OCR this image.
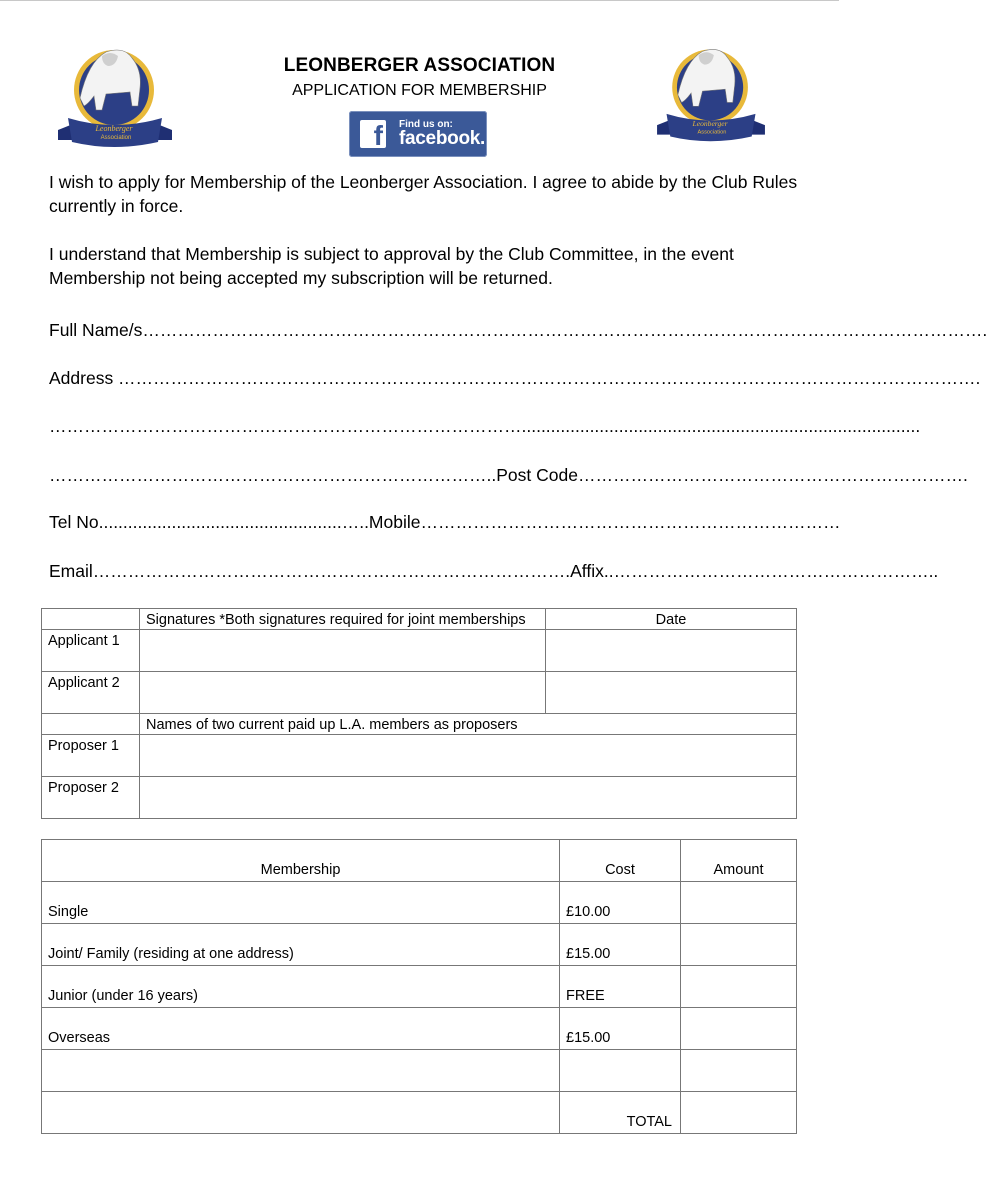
Leonberger
Association
Leonberger
Association
LEONBERGER ASSOCIATION
APPLICATION FOR MEMBERSHIP
f	Find us on:
facebook.
I wish to apply for Membership of the Leonberger Association. I agree to abide by the Club Rules currently in force.
I understand that Membership is subject to approval by the Club Committee, in the event Membership not being accepted my subscription will be returned.
Full Name/s……………………………………………………………………………………………………………………………….
Address ………………………………………………………………………………………………………………………………….
………………………………………………………………………..................................................................................
…………………………………………………………………..Post Code………………………………………………………….
Tel No..................................................…..Mobile………………………………………………………………
Email……………………………………………………………………….Affix..………………………………………………..
	Signatures *Both signatures required for joint memberships	Date
Applicant 1		
Applicant 2		
	Names of two current paid up L.A. members as proposers	
Proposer 1		
Proposer 2		
Membership	Cost	Amount
Single	£10.00	
Joint/ Family (residing at one address)	£15.00	
Junior (under 16 years)	FREE	
Overseas	£15.00	

	TOTAL	
